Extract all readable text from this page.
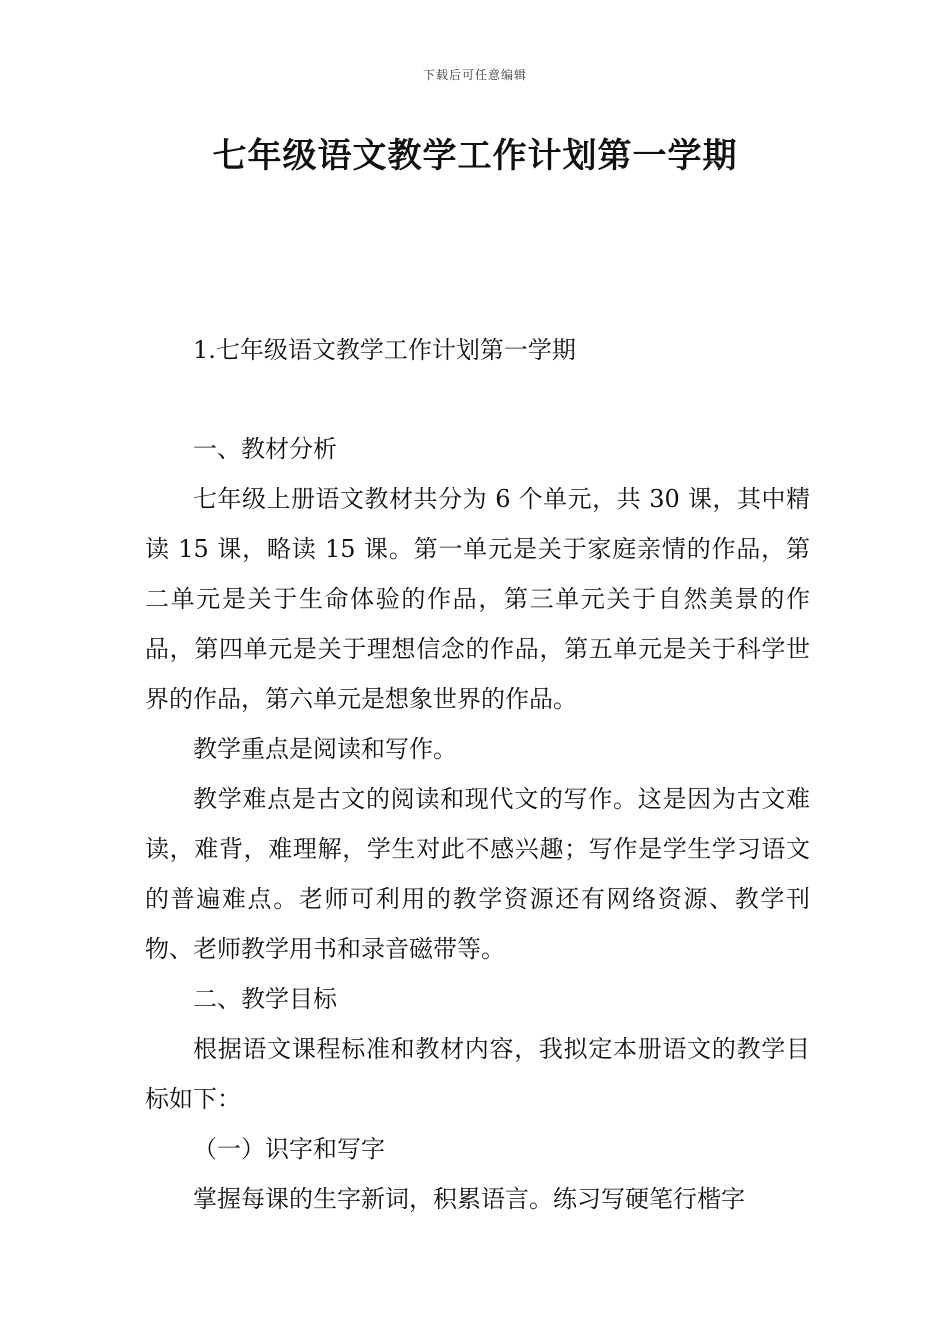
下载后可任意编辑
七年级语文教学工作计划第一学期

1.七年级语文教学工作计划第一学期

一、教材分析

七年级上册语文教材共分为 6 个单元，共 30 课，其中精读 15 课，略读 15 课。第一单元是关于家庭亲情的作品，第二单元是关于生命体验的作品，第三单元关于自然美景的作品，第四单元是关于理想信念的作品，第五单元是关于科学世界的作品，第六单元是想象世界的作品。

教学重点是阅读和写作。

教学难点是古文的阅读和现代文的写作。这是因为古文难读，难背，难理解，学生对此不感兴趣；写作是学生学习语文的普遍难点。老师可利用的教学资源还有网络资源、教学刊物、老师教学用书和录音磁带等。

二、教学目标

根据语文课程标准和教材内容，我拟定本册语文的教学目标如下：

（一）识字和写字

掌握每课的生字新词，积累语言。练习写硬笔行楷字
